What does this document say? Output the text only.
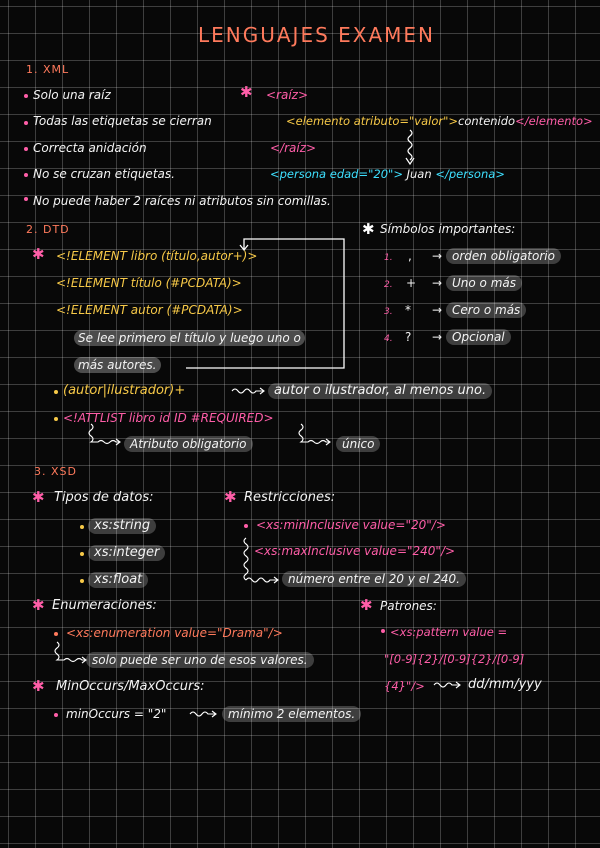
LENGUAJES EXAMEN
1. XML
Solo una raíz	✱ <raíz>
Todas las etiquetas se cierran	<elemento atributo="valor">contenido</elemento>
Correcta anidación	</raíz>
No se cruzan etiquetas.	<persona edad="20"> Juan </persona>
No puede haber 2 raíces ni atributos sin comillas.
2. DTD
✱ <!ELEMENT libro (título,autor+)>
<!ELEMENT título (#PCDATA)>
<!ELEMENT autor (#PCDATA)>
Se lee primero el título y luego uno o
más autores.
✱ Símbolos importantes:
1. , → orden obligatorio
2. + → Uno o más
3. * → Cero o más
4. ? → Opcional
(autor|ilustrador)+	autor o ilustrador, al menos uno.
<!ATTLIST libro id ID #REQUIRED>
Atributo obligatorio	único
3. XSD
✱ Tipos de datos:
xs:string
xs:integer
xs:float
✱ Restricciones:
<xs:minInclusive value="20"/>
<xs:maxInclusive value="240"/>
número entre el 20 y el 240.
✱ Enumeraciones:
<xs:enumeration value="Drama"/>
solo puede ser uno de esos valores.
✱ Patrones:
<xs:pattern value =
"[0-9]{2}/[0-9]{2}/[0-9]
{4}"/>	dd/mm/yyy
✱ MinOccurs/MaxOccurs:
minOccurs = "2"	mínimo 2 elementos.
